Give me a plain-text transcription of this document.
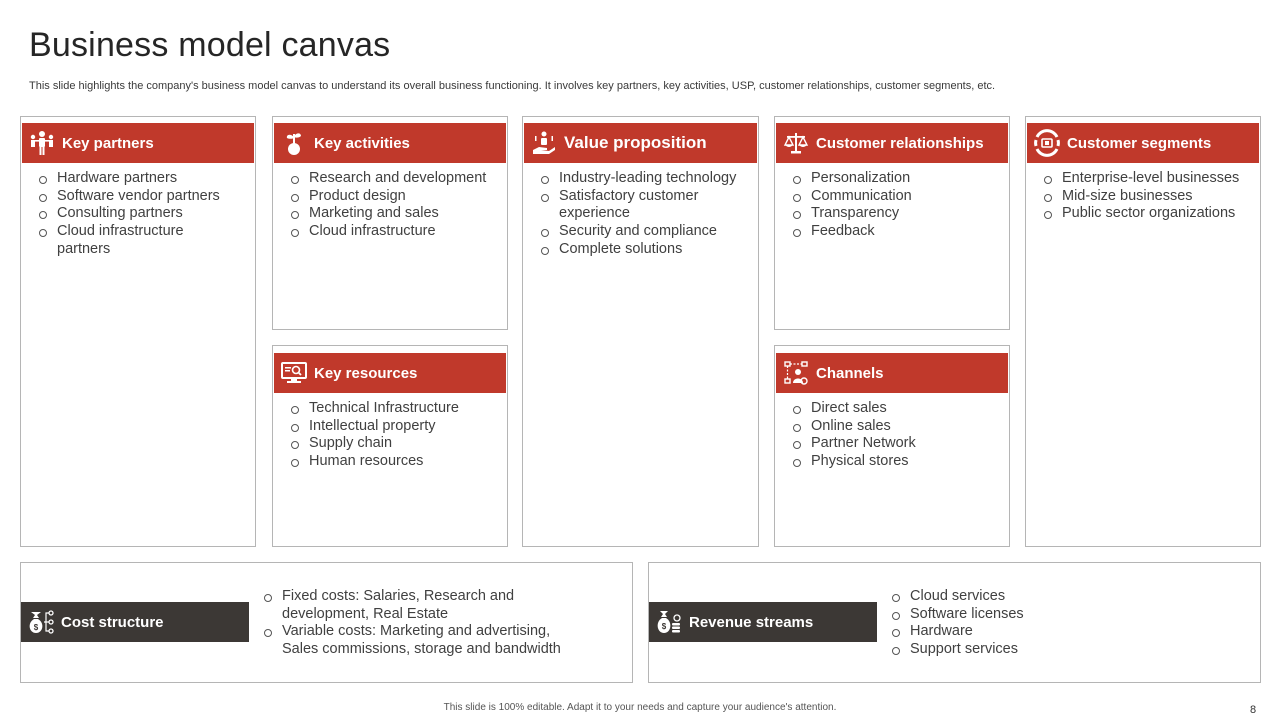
Business model canvas
This slide highlights the company's business model canvas to understand its overall business functioning. It involves key partners, key activities, USP, customer relationships, customer segments, etc.
Key partners
Hardware partners
Software vendor partners
Consulting partners
Cloud infrastructure partners
Key activities
Research and development
Product design
Marketing and sales
Cloud infrastructure
Key resources
Technical Infrastructure
Intellectual property
Supply chain
Human resources
Value proposition
Industry-leading technology
Satisfactory customer experience
Security and compliance
Complete solutions
Customer relationships
Personalization
Communication
Transparency
Feedback
Channels
Direct sales
Online sales
Partner Network
Physical stores
Customer segments
Enterprise-level businesses
Mid-size businesses
Public sector organizations
$ Cost structure
Fixed costs: Salaries, Research and development, Real Estate
Variable costs: Marketing and advertising, Sales commissions, storage and bandwidth
$ Revenue streams
Cloud services
Software licenses
Hardware
Support services
This slide is 100% editable. Adapt it to your needs and capture your audience's attention.	8
